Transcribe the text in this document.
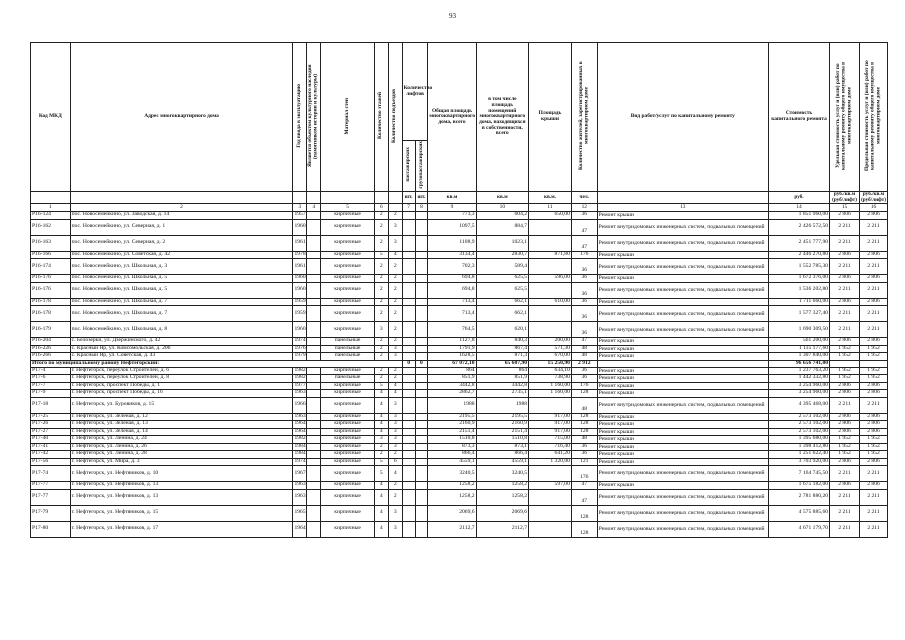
93
Код МКД	Адрес многоквартирного дома	Год ввода в эксплуатацию	Является объектом культурного наследия (памятником истории и культуры)	Материал стен	Количество этажей	Количество подъездов	Количество лифтов		Общая площадь многоквартирного дома, всего	в том числе площадь помещений многоквартирного дома, находящихся в собственности, всего	Площадь крыши	Количество жителей, зарегистрированных в многоквартирном доме	Вид работ/услуг по капитальному ремонту	Стоимость капитального ремонта	Удельная стоимость услуг и (или) работ по капитальному ремонту общего имущества в многоквартирном доме	Предельная стоимость услуг и (или) работ по капитальному ремонту общего имущества в многоквартирном доме
							пассажирских	грузопассажирских								
							шт.	шт.	кв.м	кв.м	кв.м.	чел.		руб.	руб./кв.м (руб/лифт)	руб./кв.м (руб/лифт)
1	2	3	4	5	6		7	8	9	10	11	12	13	14	15	16
Р16-124	пос. Новосемейкино, ул. Заводская, д. 14	1957		кирпичные	2	2			773,3	604,2	650,00	36	Ремонт крыши	1 851 960,00	2 806	2 806
Р16-162	пос. Новосемейкино, ул. Северная, д. 1	1960		кирпичные	2	3			1097,5	884,7		47	Ремонт внутридомовых инженерных систем, подвальных помещений	2 426 572,50	2 211	2 211
Р16-163	пос. Новосемейкино, ул. Северная, д. 2	1961		кирпичные	2	3			1108,9	1023,1		47	Ремонт внутридомовых инженерных систем, подвальных помещений	2 451 777,90	2 211	2 211
Р16-166	пос. Новосемейкино, ул. Советская, д. 42	1978		кирпичные	5	4			3134,4	2830,7	871,80	176	Ремонт крыши	2 446 270,80	2 806	2 806
Р16-174	пос. Новосемейкино, ул. Школьная, д. 3	1961		кирпичные	2	2			702,3	589,4		36	Ремонт внутридомовых инженерных систем, подвальных помещений	1 552 785,30	2 211	2 211
Р16-176	пос. Новосемейкино, ул. Школьная, д. 5	1960		кирпичные	2	2			694,8	625,5	596,00	36	Ремонт крыши	1 672 376,00	2 806	2 806
Р16-176	пос. Новосемейкино, ул. Школьная, д. 5	1960		кирпичные	2	2			694,8	625,5		36	Ремонт внутридомовых инженерных систем, подвальных помещений	1 536 202,80	2 211	2 211
Р16-178	пос. Новосемейкино, ул. Школьная, д. 7	1959		кирпичные	2	2			713,4	662,1	610,00	36	Ремонт крыши	1 711 660,00	2 806	2 806
Р16-178	пос. Новосемейкино, ул. Школьная, д. 7	1959		кирпичные	2	2			713,4	662,1		36	Ремонт внутридомовых инженерных систем, подвальных помещений	1 577 327,40	2 211	2 211
Р16-179	пос. Новосемейкино, ул. Школьная, д. 8	1960		кирпичные	3	2			764,5	620,1		36	Ремонт внутридомовых инженерных систем, подвальных помещений	1 690 309,50	2 211	2 211
Р16-204	с. Белозерки, ул. Дзержинского, д. 42	1974		панельные	2	2			1127,8	840,3	200,00	47	Ремонт крыши	561 200,00	2 806	2 806
Р16-226	с. Красный Яр, ул. Комсомольская, д. 206	1976		панельные	2	3			1791,9	867,4	571,30	48	Ремонт крыши	1 115 177,60	1 952	1 952
Р16-266	с. Красный Яр, ул. Советская, д. 43	1979		панельные	2	3			1628,5	871,3	670,00	48	Ремонт крыши	1 307 840,00	1 952	1 952
Итого по муниципальному району Нефтегорский:							0	0	67 072,10	65 607,90	15 250,90	2 912		96 656 741,00		
Р17-4	г. Нефтегорск, переулок Строителей, д. 6	1982		кирпичные	2	2			864	864	634,10	36	Ремонт крыши	1 237 763,20	1 952	1 952
Р17-6	г. Нефтегорск, переулок Строителей, д. 8	1982		панельные	2	2			851,9	851,9	738,90	36	Ремонт крыши	1 442 332,80	1 952	1 952
Р17-7	г. Нефтегорск, проспект Победы, д. 1	1977		кирпичные	5	4			3442,8	3442,8	1 160,00	176	Ремонт крыши	3 254 960,00	2 806	2 806
Р17-9	г. Нефтегорск, проспект Победы, д. 16	1963		кирпичные	4	4			2862,7	2735,1	1 160,00	128	Ремонт крыши	3 254 960,00	2 806	2 806
Р17-18	г. Нефтегорск, ул. Буровиков, д. 15	1966		кирпичные	4	3			1988	1988		48	Ремонт внутридомовых инженерных систем, подвальных помещений	4 395 468,00	2 211	2 211
Р17-25	г. Нефтегорск, ул. Зеленая, д. 12	1963		кирпичные	4	3			2195,5	2195,5	917,00	128	Ремонт крыши	2 573 102,00	2 806	2 806
Р17-26	г. Нефтегорск, ул. Зеленая, д. 13	1964		кирпичные	4	3			2160,9	2160,9	917,00	128	Ремонт крыши	2 573 102,00	2 806	2 806
Р17-27	г. Нефтегорск, ул. Зеленая, д. 14	1964		кирпичные	4	3			2151,4	2151,4	917,00	128	Ремонт крыши	2 573 102,00	2 806	2 806
Р17-40	г. Нефтегорск, ул. Ленина, д. 24	1982		кирпичные	3	3			1510,8	1510,8	715,00	48	Ремонт крыши	1 395 680,00	1 952	1 952
Р17-41	г. Нефтегорск, ул. Ленина, д. 26	1984		кирпичные	2	3			873,3	873,1	716,40	36	Ремонт крыши	1 398 412,80	1 952	1 952
Р17-42	г. Нефтегорск, ул. Ленина, д. 28	1984		кирпичные	2	2			866,4	866,4	641,20	36	Ремонт крыши	1 251 622,40	1 952	1 952
Р17-56	г. Нефтегорск, ул. Мира, д. 3	1974		кирпичные	5	6			4559,1	4559,1	1 320,00	121	Ремонт крыши	3 703 920,00	2 806	2 806
Р17-74	г. Нефтегорск, ул. Нефтяников, д. 10	1967		кирпичные	5	4			3240,5	3240,5		176	Ремонт внутридомовых инженерных систем, подвальных помещений	7 164 745,50	2 211	2 211
Р17-77	г. Нефтегорск, ул. Нефтяников, д. 13	1963		кирпичные	4	2			1258,2	1258,2	597,00	47	Ремонт крыши	1 675 182,00	2 806	2 806
Р17-77	г. Нефтегорск, ул. Нефтяников, д. 13	1963		кирпичные	4	2			1258,2	1258,2		47	Ремонт внутридомовых инженерных систем, подвальных помещений	2 781 880,20	2 211	2 211
Р17-79	г. Нефтегорск, ул. Нефтяников, д. 15	1965		кирпичные	4	3			2069,6	2069,6		128	Ремонт внутридомовых инженерных систем, подвальных помещений	4 575 885,60	2 211	2 211
Р17-80	г. Нефтегорск, ул. Нефтяников, д. 17	1964		кирпичные	4	3			2112,7	2112,7		128	Ремонт внутридомовых инженерных систем, подвальных помещений	4 671 179,70	2 211	2 211
